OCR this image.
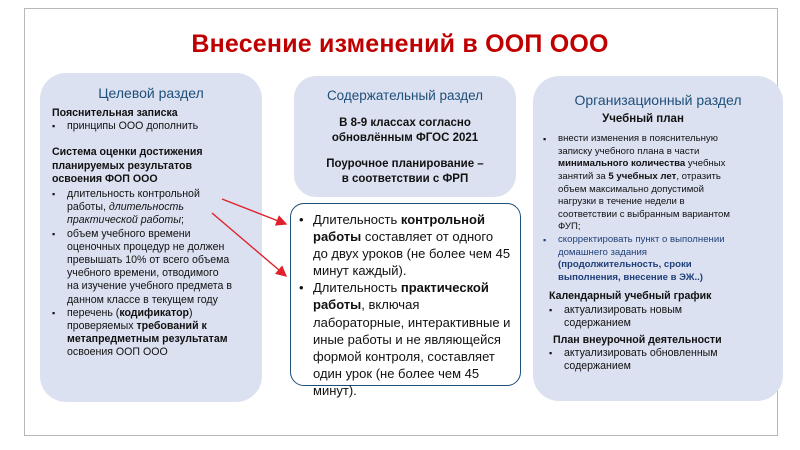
Внесение изменений в ООП ООО
Целевой раздел
Пояснительная записка
▪ принципы ООО дополнить
Система оценки достижения
планируемых результатов
освоения ФОП ООО
▪ длительность контрольной
работы, длительность
практической работы;
▪ объем учебного времени оценочных процедур не должен превышать 10% от всего объема учебного времени, отводимого на изучение учебного предмета в данном классе в текущем году
▪ перечень (кодификатор) проверяемых требований к метапредметным результатам освоения ООП ООО
Содержательный раздел
В 8-9 классах согласно
обновлённым ФГОС 2021
Поурочное планирование –
в соответствии с ФРП
• Длительность контрольной работы составляет от одного до двух уроков (не более чем 45 минут каждый).
• Длительность практической работы, включая лабораторные, интерактивные и иные работы и не являющейся формой контроля, составляет один урок (не более чем 45 минут).
Организационный раздел
Учебный план
▪ внести изменения в пояснительную записку учебного плана в части минимального количества учебных занятий за 5 учебных лет, отразить объем максимально допустимой нагрузки в течение недели в соответствии с выбранным вариантом ФУП;
▪ скорректировать пункт о выполнении домашнего задания (продолжительность, сроки выполнения, внесение в ЭЖ..)
Календарный учебный график
▪ актуализировать новым содержанием
План внеурочной деятельности
▪ актуализировать обновленным содержанием
